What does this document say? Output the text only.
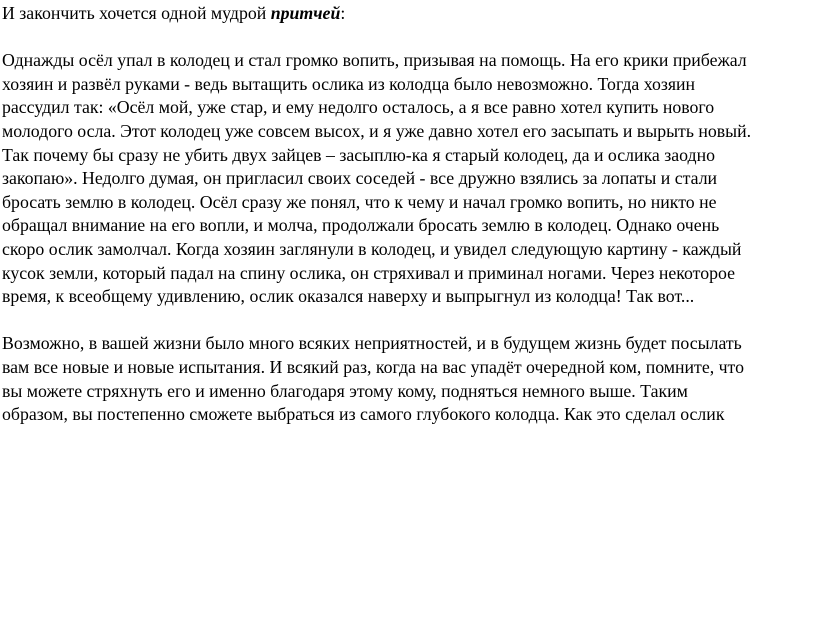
И закончить хочется одной мудрой притчей:
Однажды осёл упал в колодец и стал громко вопить, призывая на помощь. На его крики прибежал
хозяин и развёл руками - ведь вытащить ослика из колодца было невозможно. Тогда хозяин
рассудил так: «Осёл мой, уже стар, и ему недолго осталось, а я все равно хотел купить нового
молодого осла. Этот колодец уже совсем высох, и я уже давно хотел его засыпать и вырыть новый.
Так почему бы сразу не убить двух зайцев – засыплю-ка я старый колодец, да и ослика заодно
закопаю». Недолго думая, он пригласил своих соседей - все дружно взялись за лопаты и стали
бросать землю в колодец. Осёл сразу же понял, что к чему и начал громко вопить, но никто не
обращал внимание на его вопли, и молча, продолжали бросать землю в колодец. Однако очень
скоро ослик замолчал. Когда хозяин заглянули в колодец, и увидел следующую картину - каждый
кусок земли, который падал на спину ослика, он стряхивал и приминал ногами. Через некоторое
время, к всеобщему удивлению, ослик оказался наверху и выпрыгнул из колодца! Так вот...
Возможно, в вашей жизни было много всяких неприятностей, и в будущем жизнь будет посылать
вам все новые и новые испытания. И всякий раз, когда на вас упадёт очередной ком, помните, что
вы можете стряхнуть его и именно благодаря этому кому, подняться немного выше. Таким
образом, вы постепенно сможете выбраться из самого глубокого колодца. Как это сделал ослик
